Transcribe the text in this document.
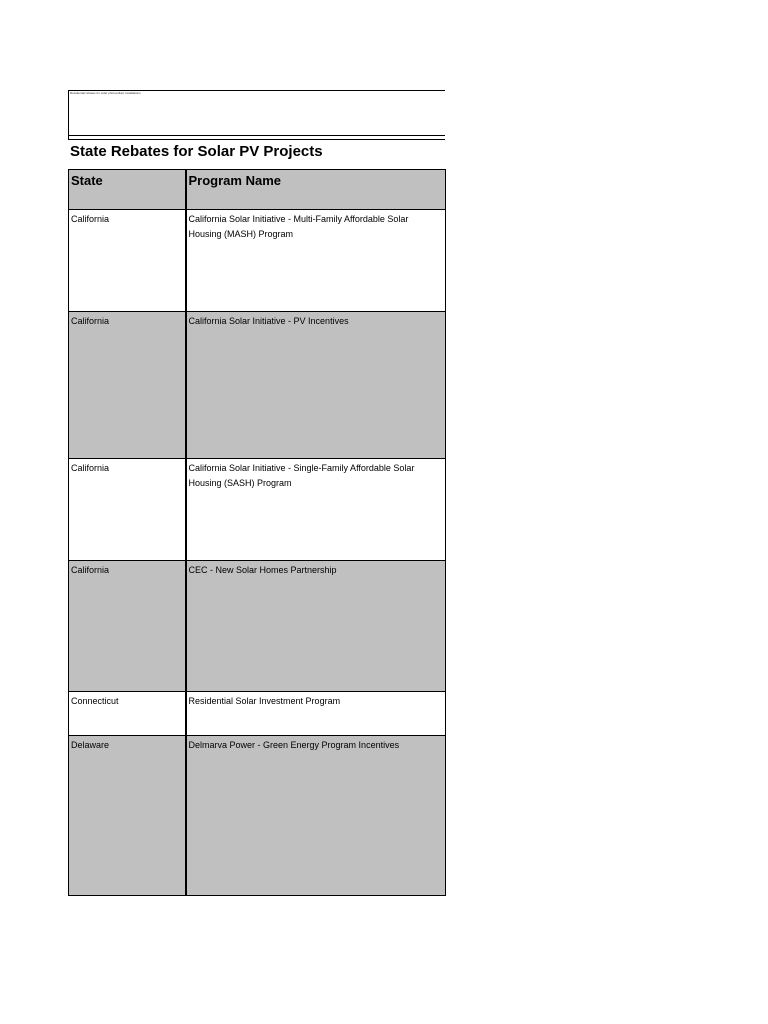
Residential rebates for solar photovoltaic installations
State Rebates for Solar PV Projects
State	Program Name
California	California Solar Initiative - Multi-Family Affordable Solar Housing (MASH) Program
California	California Solar Initiative - PV Incentives
California	California Solar Initiative - Single-Family Affordable Solar Housing (SASH) Program
California	CEC - New Solar Homes Partnership
Connecticut	Residential Solar Investment Program
Delaware	Delmarva Power - Green Energy Program Incentives
